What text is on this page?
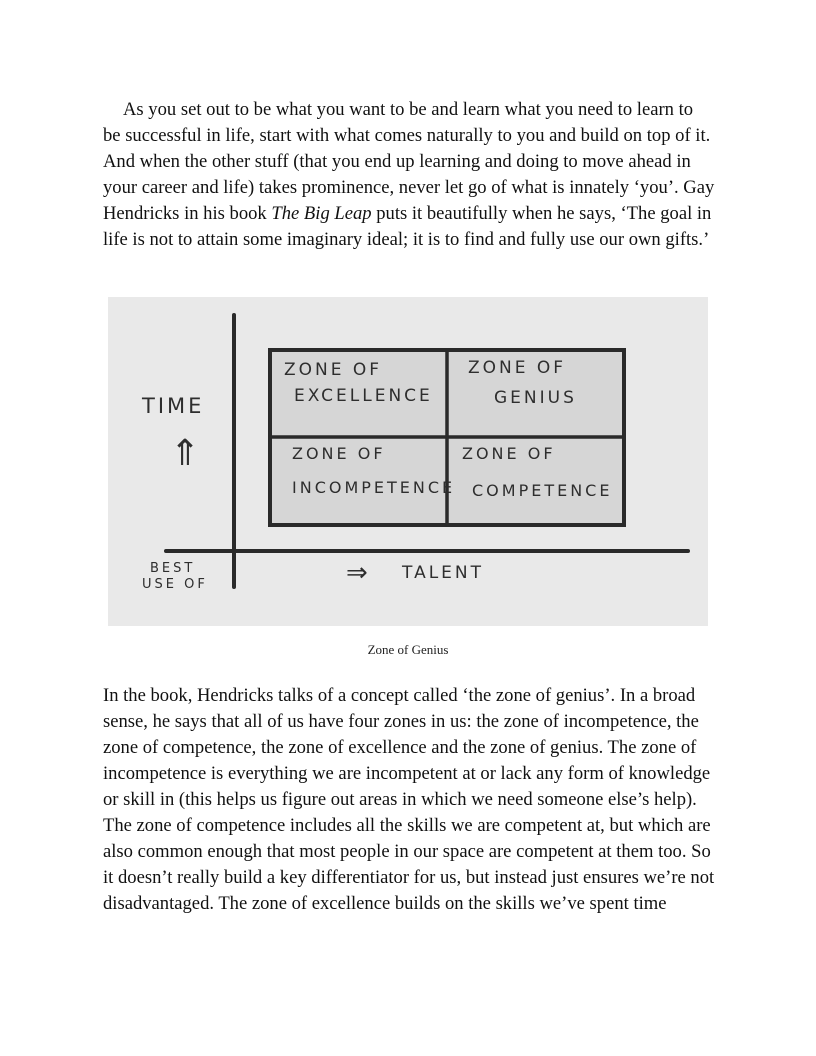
As you set out to be what you want to be and learn what you need to learn to be successful in life, start with what comes naturally to you and build on top of it. And when the other stuff (that you end up learning and doing to move ahead in your career and life) takes prominence, never let go of what is innately ‘you’. Gay Hendricks in his book The Big Leap puts it beautifully when he says, ‘The goal in life is not to attain some imaginary ideal; it is to find and fully use our own gifts.’

ZONE OF
EXCELLENCE
ZONE OF
GENIUS
ZONE OF
INCOMPETENCE
ZONE OF
COMPETENCE
TIME
⇑
BEST
USE OF	⇒ TALENT
Zone of Genius

In the book, Hendricks talks of a concept called ‘the zone of genius’. In a broad sense, he says that all of us have four zones in us: the zone of incompetence, the zone of competence, the zone of excellence and the zone of genius. The zone of incompetence is everything we are incompetent at or lack any form of knowledge or skill in (this helps us figure out areas in which we need someone else’s help). The zone of competence includes all the skills we are competent at, but which are also common enough that most people in our space are competent at them too. So it doesn’t really build a key differentiator for us, but instead just ensures we’re not disadvantaged. The zone of excellence builds on the skills we’ve spent time
